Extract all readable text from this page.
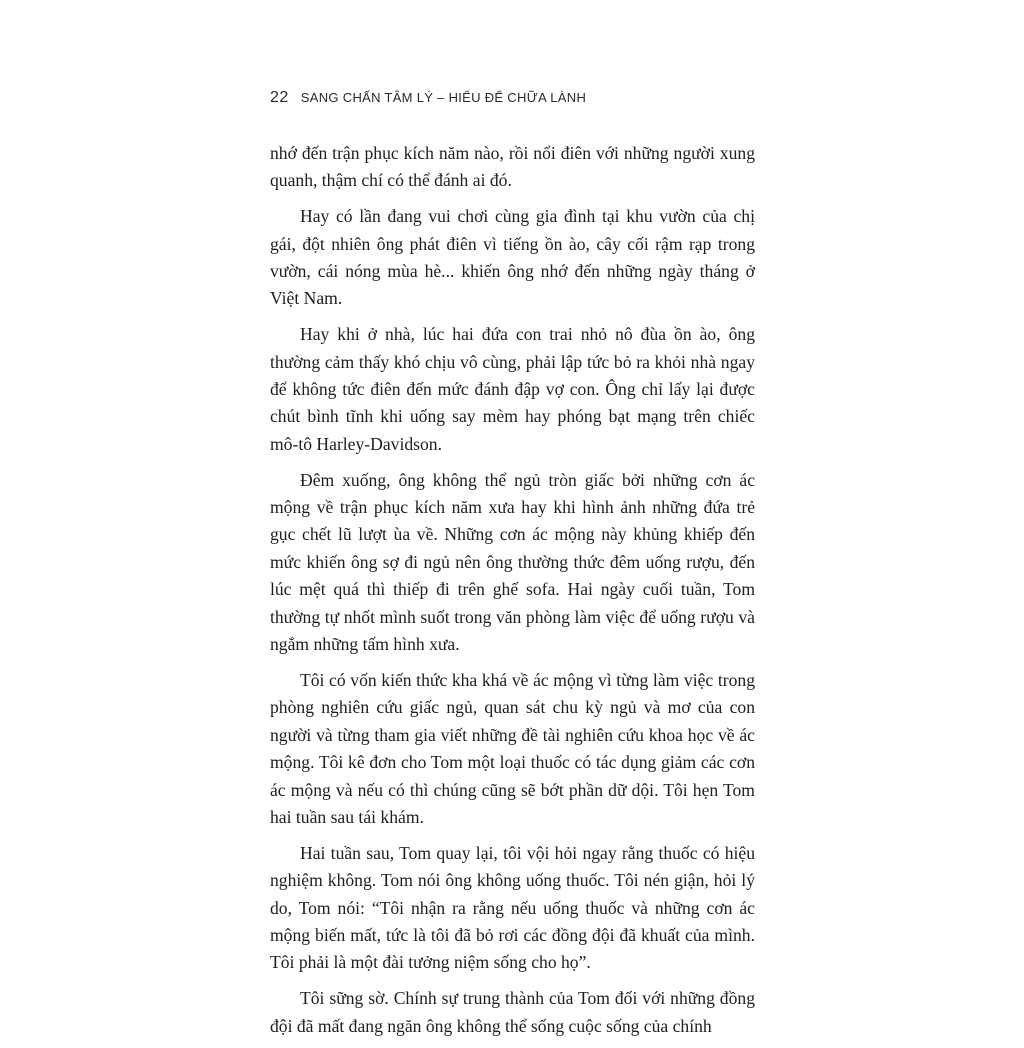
22 SANG CHẤN TÂM LÝ – HIỂU ĐỂ CHỮA LÀNH

nhớ đến trận phục kích năm nào, rồi nổi điên với những người xung quanh, thậm chí có thể đánh ai đó.

Hay có lần đang vui chơi cùng gia đình tại khu vườn của chị gái, đột nhiên ông phát điên vì tiếng ồn ào, cây cối rậm rạp trong vườn, cái nóng mùa hè... khiến ông nhớ đến những ngày tháng ở Việt Nam.

Hay khi ở nhà, lúc hai đứa con trai nhỏ nô đùa ồn ào, ông thường cảm thấy khó chịu vô cùng, phải lập tức bỏ ra khỏi nhà ngay để không tức điên đến mức đánh đập vợ con. Ông chỉ lấy lại được chút bình tĩnh khi uống say mèm hay phóng bạt mạng trên chiếc mô-tô Harley-Davidson.

Đêm xuống, ông không thể ngủ tròn giấc bởi những cơn ác mộng về trận phục kích năm xưa hay khi hình ảnh những đứa trẻ gục chết lũ lượt ùa về. Những cơn ác mộng này khủng khiếp đến mức khiến ông sợ đi ngủ nên ông thường thức đêm uống rượu, đến lúc mệt quá thì thiếp đi trên ghế sofa. Hai ngày cuối tuần, Tom thường tự nhốt mình suốt trong văn phòng làm việc để uống rượu và ngắm những tấm hình xưa.

Tôi có vốn kiến thức kha khá về ác mộng vì từng làm việc trong phòng nghiên cứu giấc ngủ, quan sát chu kỳ ngủ và mơ của con người và từng tham gia viết những đề tài nghiên cứu khoa học về ác mộng. Tôi kê đơn cho Tom một loại thuốc có tác dụng giảm các cơn ác mộng và nếu có thì chúng cũng sẽ bớt phần dữ dội. Tôi hẹn Tom hai tuần sau tái khám.

Hai tuần sau, Tom quay lại, tôi vội hỏi ngay rằng thuốc có hiệu nghiệm không. Tom nói ông không uống thuốc. Tôi nén giận, hỏi lý do, Tom nói: “Tôi nhận ra rằng nếu uống thuốc và những cơn ác mộng biến mất, tức là tôi đã bỏ rơi các đồng đội đã khuất của mình. Tôi phải là một đài tưởng niệm sống cho họ”.

Tôi sững sờ. Chính sự trung thành của Tom đối với những đồng đội đã mất đang ngăn ông không thể sống cuộc sống của chính
